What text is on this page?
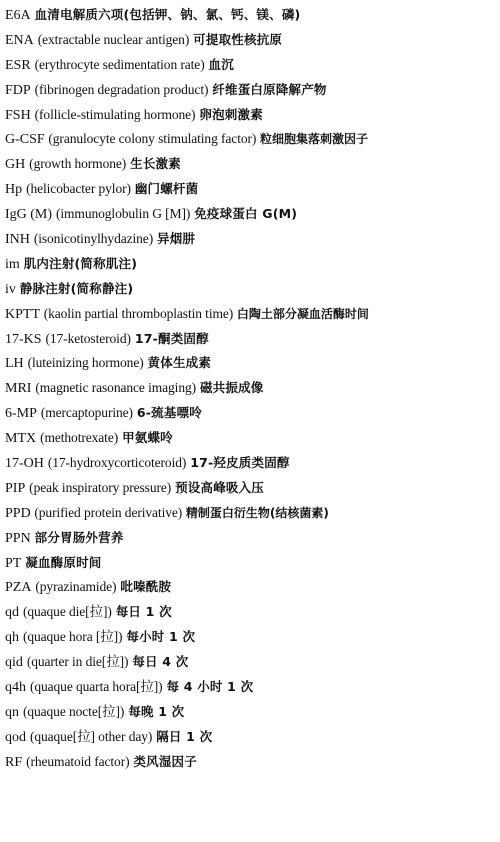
E6A 血清电解质六项(包括钾、钠、氯、钙、镁、磷)
ENA (extractable nuclear antigen) 可提取性核抗原
ESR (erythrocyte sedimentation rate) 血沉
FDP (fibrinogen degradation product) 纤维蛋白原降解产物
FSH (follicle-stimulating hormone) 卵泡刺激素
G-CSF (granulocyte colony stimulating factor) 粒细胞集落刺激因子
GH (growth hormone) 生长激素
Hp (helicobacter pylor) 幽门螺杆菌
IgG (M) (immunoglobulin G [M]) 免疫球蛋白 G(M)
INH (isonicotinylhydazine) 异烟肼
im 肌内注射(简称肌注)
iv 静脉注射(简称静注)
KPTT (kaolin partial thromboplastin time) 白陶土部分凝血活酶时间
17-KS (17-ketosteroid) 17-酮类固醇
LH (luteinizing hormone) 黄体生成素
MRI (magnetic rasonance imaging) 磁共振成像
6-MP (mercaptopurine) 6-巯基嘌呤
MTX (methotrexate) 甲氨蝶呤
17-OH (17-hydroxycorticoteroid) 17-羟皮质类固醇
PIP (peak inspiratory pressure) 预设高峰吸入压
PPD (purified protein derivative) 精制蛋白衍生物(结核菌素)
PPN 部分胃肠外营养
PT 凝血酶原时间
PZA (pyrazinamide) 吡嗪酰胺
qd (quaque die[拉]) 每日 1 次
qh (quaque hora [拉]) 每小时 1 次
qid (quarter in die[拉]) 每日 4 次
q4h (quaque quarta hora[拉]) 每 4 小时 1 次
qn (quaque nocte[拉]) 每晚 1 次
qod (quaque[拉] other day) 隔日 1 次
RF (rheumatoid factor) 类风湿因子
